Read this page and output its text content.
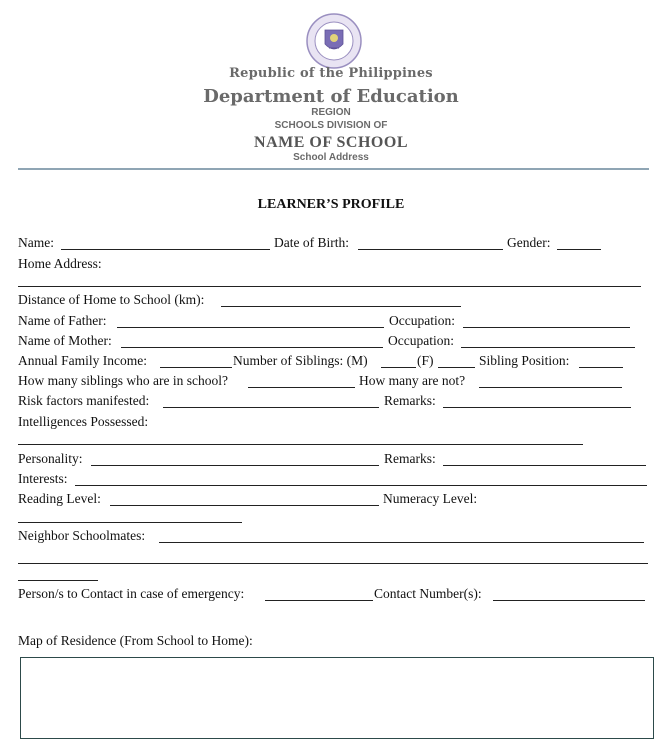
Republic of the Philippines
Department of Education
REGION
SCHOOLS DIVISION OF
NAME OF SCHOOL
School Address
LEARNER’S PROFILE
Name:	Date of Birth:	Gender:
Home Address:
Distance of Home to School (km):
Name of Father:	Occupation:
Name of Mother:	Occupation:
Annual Family Income:	Number of Siblings: (M)	(F)	Sibling Position:
How many siblings who are in school?	How many are not?
Risk factors manifested:	Remarks:
Intelligences Possessed:
Personality:	Remarks:
Interests:
Reading Level:	Numeracy Level:
Neighbor Schoolmates:
Person/s to Contact in case of emergency:	Contact Number(s):
Map of Residence (From School to Home):
